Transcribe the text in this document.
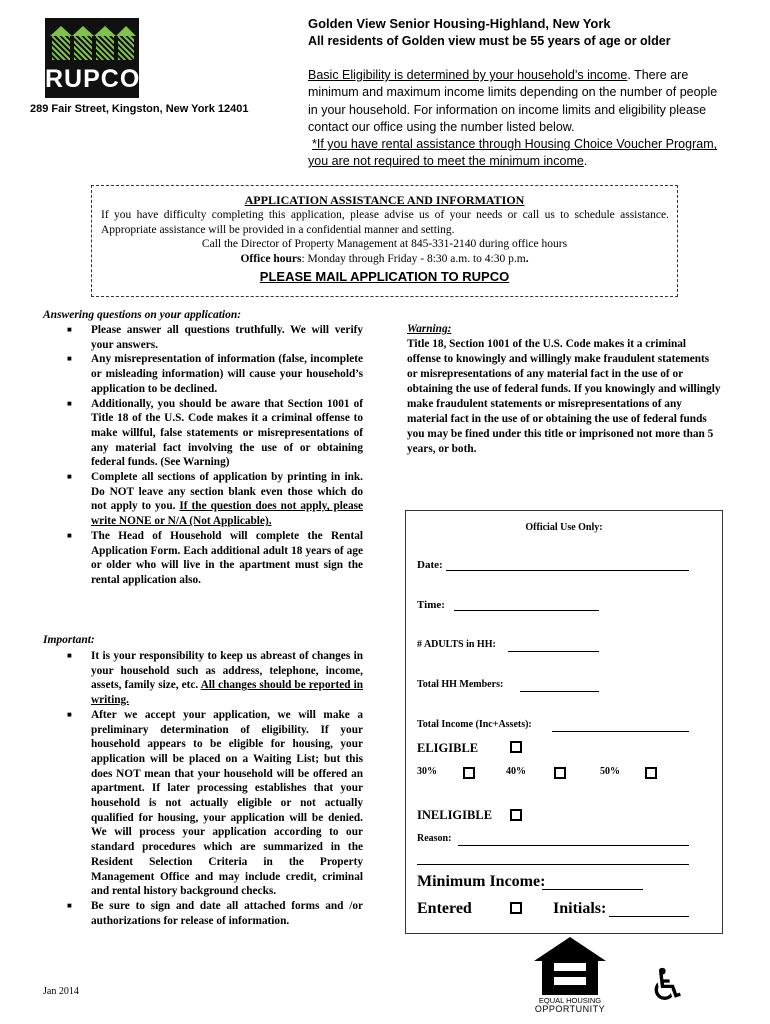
RUPCO
289 Fair Street, Kingston, New York 12401
Golden View Senior Housing-Highland, New York
All residents of Golden view must be 55 years of age or older
Basic Eligibility is determined by your household’s income. There are minimum and maximum income limits depending on the number of people in your household. For information on income limits and eligibility please contact our office using the number listed below.
*If you have rental assistance through Housing Choice Voucher Program,
you are not required to meet the minimum income.
APPLICATION ASSISTANCE AND INFORMATION
If you have difficulty completing this application, please advise us of your needs or call us to schedule assistance. Appropriate assistance will be provided in a confidential manner and setting.
Call the Director of Property Management at 845-331-2140 during office hours
Office hours: Monday through Friday - 8:30 a.m. to 4:30 p.m.
PLEASE MAIL APPLICATION TO RUPCO
Answering questions on your application:
■ Please answer all questions truthfully. We will verify your answers.
■ Any misrepresentation of information (false, incomplete or misleading information) will cause your household’s application to be declined.
■ Additionally, you should be aware that Section 1001 of Title 18 of the U.S. Code makes it a criminal offense to make willful, false statements or misrepresentations of any material fact involving the use of or obtaining federal funds. (See Warning)
■ Complete all sections of application by printing in ink. Do NOT leave any section blank even those which do not apply to you. If the question does not apply, please write NONE or N/A (Not Applicable).
■ The Head of Household will complete the Rental Application Form. Each additional adult 18 years of age or older who will live in the apartment must sign the rental application also.
Important:
■ It is your responsibility to keep us abreast of changes in your household such as address, telephone, income, assets, family size, etc. All changes should be reported in writing.
■ After we accept your application, we will make a preliminary determination of eligibility. If your household appears to be eligible for housing, your application will be placed on a Waiting List; but this does NOT mean that your household will be offered an apartment. If later processing establishes that your household is not actually eligible or not actually qualified for housing, your application will be denied. We will process your application according to our standard procedures which are summarized in the Resident Selection Criteria in the Property Management Office and may include credit, criminal and rental history background checks.
■ Be sure to sign and date all attached forms and /or authorizations for release of information.
Warning:
Title 18, Section 1001 of the U.S. Code makes it a criminal offense to knowingly and willingly make fraudulent statements or misrepresentations of any material fact in the use of or obtaining the use of federal funds. If you knowingly and willingly make fraudulent statements or misrepresentations of any material fact in the use of or obtaining the use of federal funds you may be fined under this title or imprisoned not more than 5 years, or both.
Official Use Only:
Date:
Time:
# ADULTS in HH:
Total HH Members:
Total Income (Inc+Assets):
ELIGIBLE
30%	40%	50%
INELIGIBLE
Reason:
Minimum Income:
Entered	Initials:
Jan 2014
EQUAL HOUSING
OPPORTUNITY ♿
